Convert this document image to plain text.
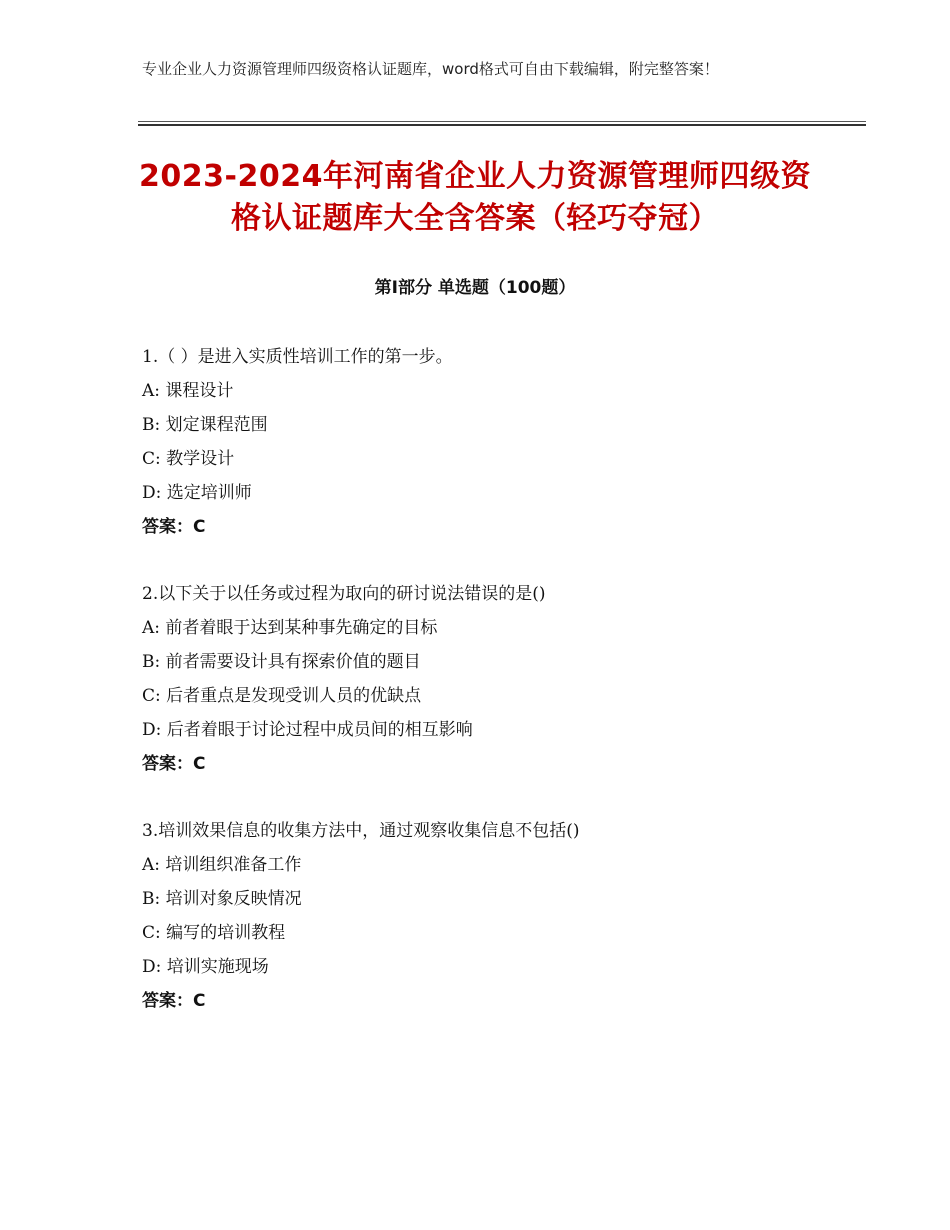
专业企业人力资源管理师四级资格认证题库，word格式可自由下载编辑，附完整答案！
2023-2024年河南省企业人力资源管理师四级资格认证题库大全含答案（轻巧夺冠）
第Ⅰ部分 单选题（100题）
1.（ ）是进入实质性培训工作的第一步。
A: 课程设计
B: 划定课程范围
C: 教学设计
D: 选定培训师
答案：C
2.以下关于以任务或过程为取向的研讨说法错误的是()
A: 前者着眼于达到某种事先确定的目标
B: 前者需要设计具有探索价值的题目
C: 后者重点是发现受训人员的优缺点
D: 后者着眼于讨论过程中成员间的相互影响
答案：C
3.培训效果信息的收集方法中，通过观察收集信息不包括()
A: 培训组织准备工作
B: 培训对象反映情况
C: 编写的培训教程
D: 培训实施现场
答案：C
